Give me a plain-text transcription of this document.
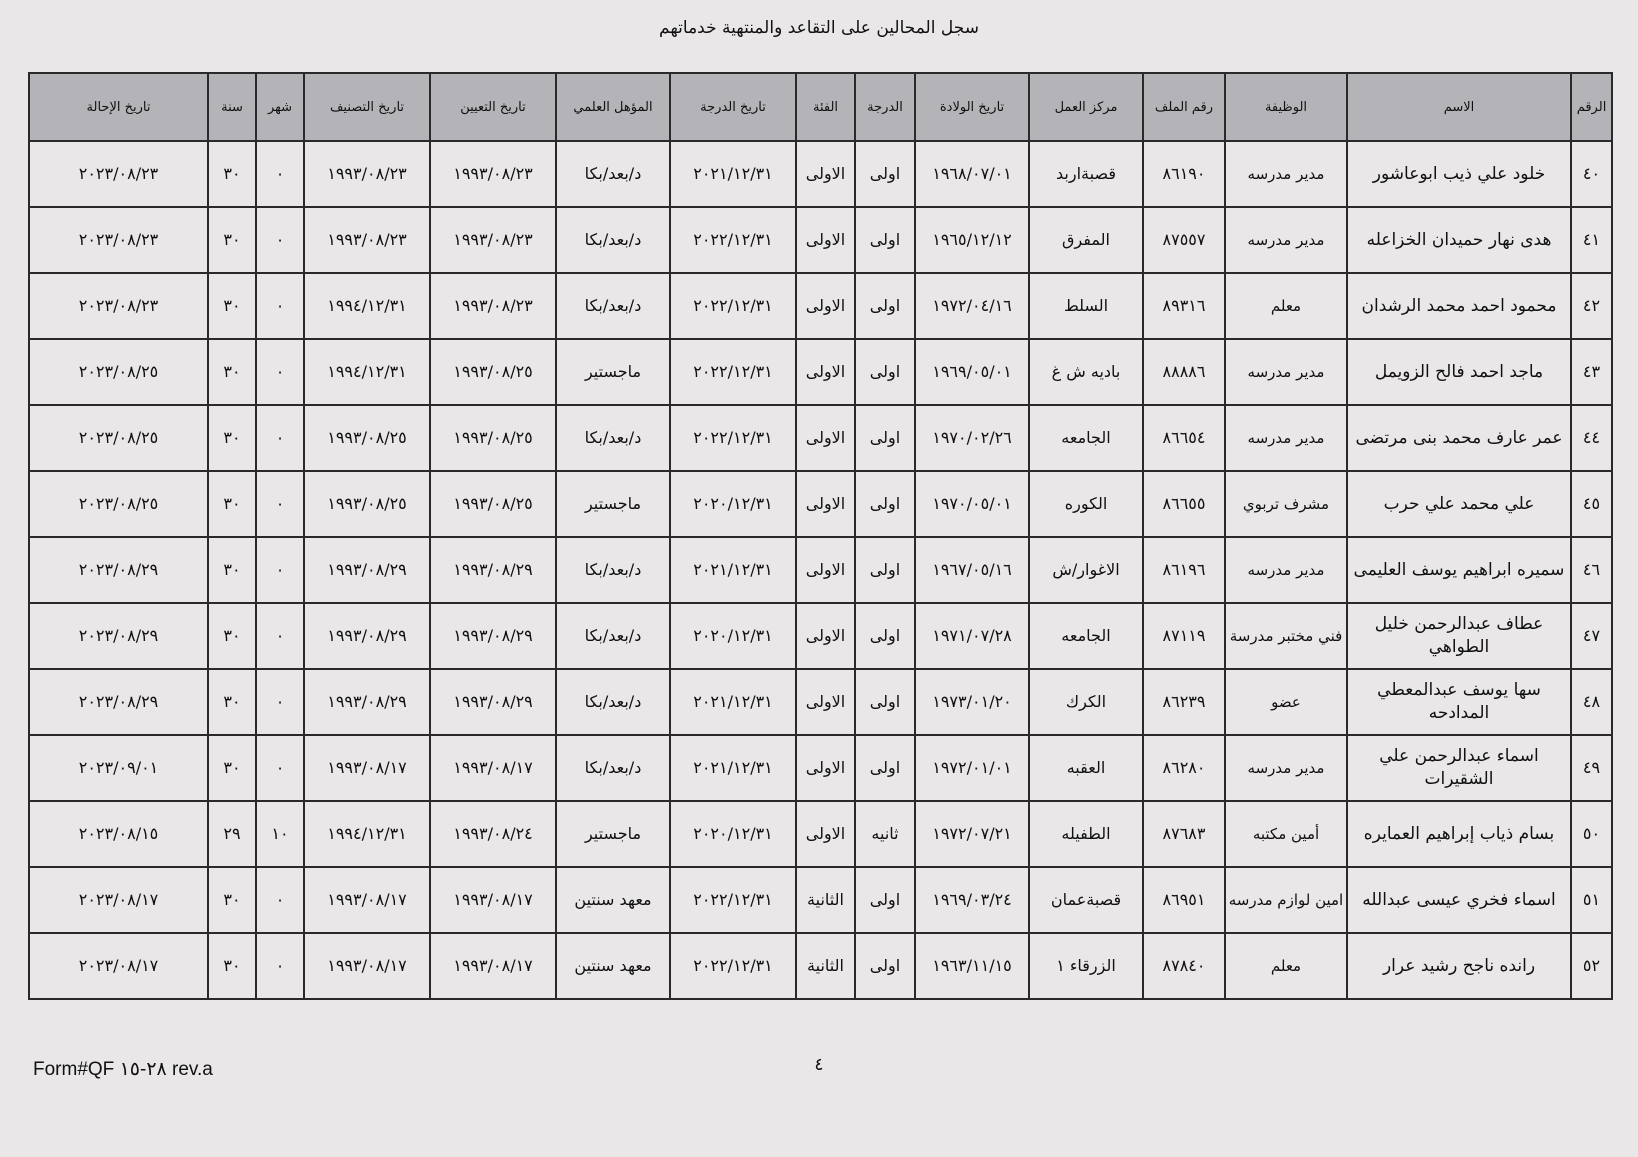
سجل المحالين على التقاعد والمنتهية خدماتهم
الرقم	الاسم	الوظيفة	رقم الملف	مركز العمل	تاريخ الولادة	الدرجة	الفئة	تاريخ الدرجة	المؤهل العلمي	تاريخ التعيين	تاريخ التصنيف	شهر	سنة	تاريخ الإحالة
٤٠	خلود علي ذيب ابوعاشور	مدير مدرسه	٨٦١٩٠	قصبةاربد	١٩٦٨/٠٧/٠١	اولى	الاولى	٢٠٢١/١٢/٣١	د/بعد/بكا	١٩٩٣/٠٨/٢٣	١٩٩٣/٠٨/٢٣	٠	٣٠	٢٠٢٣/٠٨/٢٣
٤١	هدى نهار حميدان الخزاعله	مدير مدرسه	٨٧٥٥٧	المفرق	١٩٦٥/١٢/١٢	اولى	الاولى	٢٠٢٢/١٢/٣١	د/بعد/بكا	١٩٩٣/٠٨/٢٣	١٩٩٣/٠٨/٢٣	٠	٣٠	٢٠٢٣/٠٨/٢٣
٤٢	محمود احمد محمد الرشدان	معلم	٨٩٣١٦	السلط	١٩٧٢/٠٤/١٦	اولى	الاولى	٢٠٢٢/١٢/٣١	د/بعد/بكا	١٩٩٣/٠٨/٢٣	١٩٩٤/١٢/٣١	٠	٣٠	٢٠٢٣/٠٨/٢٣
٤٣	ماجد احمد فالح الزويمل	مدير مدرسه	٨٨٨٨٦	باديه ش غ	١٩٦٩/٠٥/٠١	اولى	الاولى	٢٠٢٢/١٢/٣١	ماجستير	١٩٩٣/٠٨/٢٥	١٩٩٤/١٢/٣١	٠	٣٠	٢٠٢٣/٠٨/٢٥
٤٤	عمر عارف محمد بنى مرتضى	مدير مدرسه	٨٦٦٥٤	الجامعه	١٩٧٠/٠٢/٢٦	اولى	الاولى	٢٠٢٢/١٢/٣١	د/بعد/بكا	١٩٩٣/٠٨/٢٥	١٩٩٣/٠٨/٢٥	٠	٣٠	٢٠٢٣/٠٨/٢٥
٤٥	علي محمد علي حرب	مشرف تربوي	٨٦٦٥٥	الكوره	١٩٧٠/٠٥/٠١	اولى	الاولى	٢٠٢٠/١٢/٣١	ماجستير	١٩٩٣/٠٨/٢٥	١٩٩٣/٠٨/٢٥	٠	٣٠	٢٠٢٣/٠٨/٢٥
٤٦	سميره ابراهيم يوسف العليمى	مدير مدرسه	٨٦١٩٦	الاغوار/ش	١٩٦٧/٠٥/١٦	اولى	الاولى	٢٠٢١/١٢/٣١	د/بعد/بكا	١٩٩٣/٠٨/٢٩	١٩٩٣/٠٨/٢٩	٠	٣٠	٢٠٢٣/٠٨/٢٩
٤٧	عطاف عبدالرحمن خليل الطواهي	فني مختبر مدرسة	٨٧١١٩	الجامعه	١٩٧١/٠٧/٢٨	اولى	الاولى	٢٠٢٠/١٢/٣١	د/بعد/بكا	١٩٩٣/٠٨/٢٩	١٩٩٣/٠٨/٢٩	٠	٣٠	٢٠٢٣/٠٨/٢٩
٤٨	سها يوسف عبدالمعطي المدادحه	عضو	٨٦٢٣٩	الكرك	١٩٧٣/٠١/٢٠	اولى	الاولى	٢٠٢١/١٢/٣١	د/بعد/بكا	١٩٩٣/٠٨/٢٩	١٩٩٣/٠٨/٢٩	٠	٣٠	٢٠٢٣/٠٨/٢٩
٤٩	اسماء عبدالرحمن علي الشقيرات	مدير مدرسه	٨٦٢٨٠	العقبه	١٩٧٢/٠١/٠١	اولى	الاولى	٢٠٢١/١٢/٣١	د/بعد/بكا	١٩٩٣/٠٨/١٧	١٩٩٣/٠٨/١٧	٠	٣٠	٢٠٢٣/٠٩/٠١
٥٠	بسام ذياب إبراهيم العمايره	أمين مكتبه	٨٧٦٨٣	الطفيله	١٩٧٢/٠٧/٢١	ثانيه	الاولى	٢٠٢٠/١٢/٣١	ماجستير	١٩٩٣/٠٨/٢٤	١٩٩٤/١٢/٣١	١٠	٢٩	٢٠٢٣/٠٨/١٥
٥١	اسماء فخري عيسى عبدالله	امين لوازم مدرسه	٨٦٩٥١	قصبةعمان	١٩٦٩/٠٣/٢٤	اولى	الثانية	٢٠٢٢/١٢/٣١	معهد سنتين	١٩٩٣/٠٨/١٧	١٩٩٣/٠٨/١٧	٠	٣٠	٢٠٢٣/٠٨/١٧
٥٢	رانده ناجح رشيد عرار	معلم	٨٧٨٤٠	الزرقاء ١	١٩٦٣/١١/١٥	اولى	الثانية	٢٠٢٢/١٢/٣١	معهد سنتين	١٩٩٣/٠٨/١٧	١٩٩٣/٠٨/١٧	٠	٣٠	٢٠٢٣/٠٨/١٧
Form#QF ٢٨-١٥ rev.a	٤
